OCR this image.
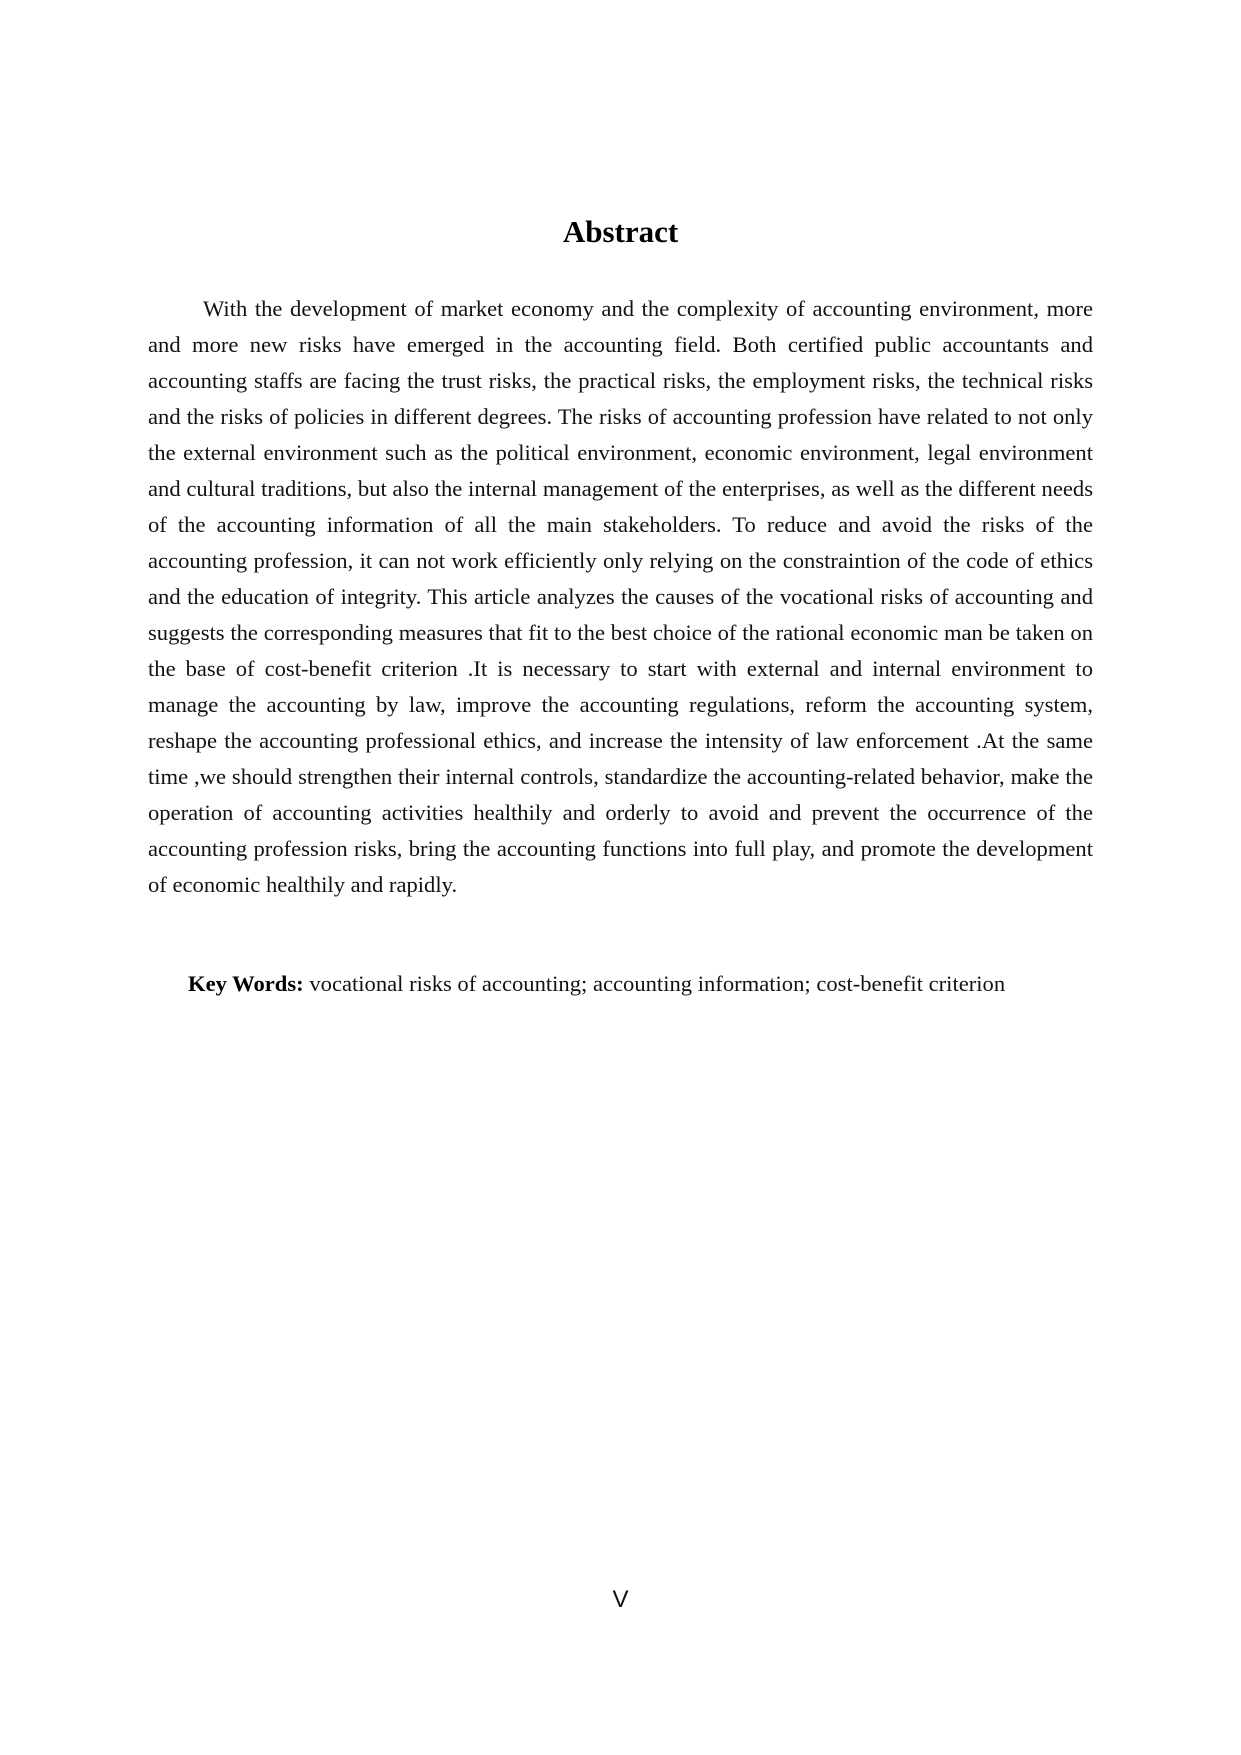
Abstract

With the development of market economy and the complexity of accounting environment, more and more new risks have emerged in the accounting field. Both certified public accountants and accounting staffs are facing the trust risks, the practical risks, the employment risks, the technical risks and the risks of policies in different degrees. The risks of accounting profession have related to not only the external environment such as the political environment, economic environment, legal environment and cultural traditions, but also the internal management of the enterprises, as well as the different needs of the accounting information of all the main stakeholders. To reduce and avoid the risks of the accounting profession, it can not work efficiently only relying on the constraintion of the code of ethics and the education of integrity. This article analyzes the causes of the vocational risks of accounting and suggests the corresponding measures that fit to the best choice of the rational economic man be taken on the base of cost-benefit criterion .It is necessary to start with external and internal environment to manage the accounting by law, improve the accounting regulations, reform the accounting system, reshape the accounting professional ethics, and increase the intensity of law enforcement .At the same time ,we should strengthen their internal controls, standardize the accounting-related behavior, make the operation of accounting activities healthily and orderly to avoid and prevent the occurrence of the accounting profession risks, bring the accounting functions into full play, and promote the development of economic healthily and rapidly.

Key Words: vocational risks of accounting; accounting information; cost-benefit criterion

V
